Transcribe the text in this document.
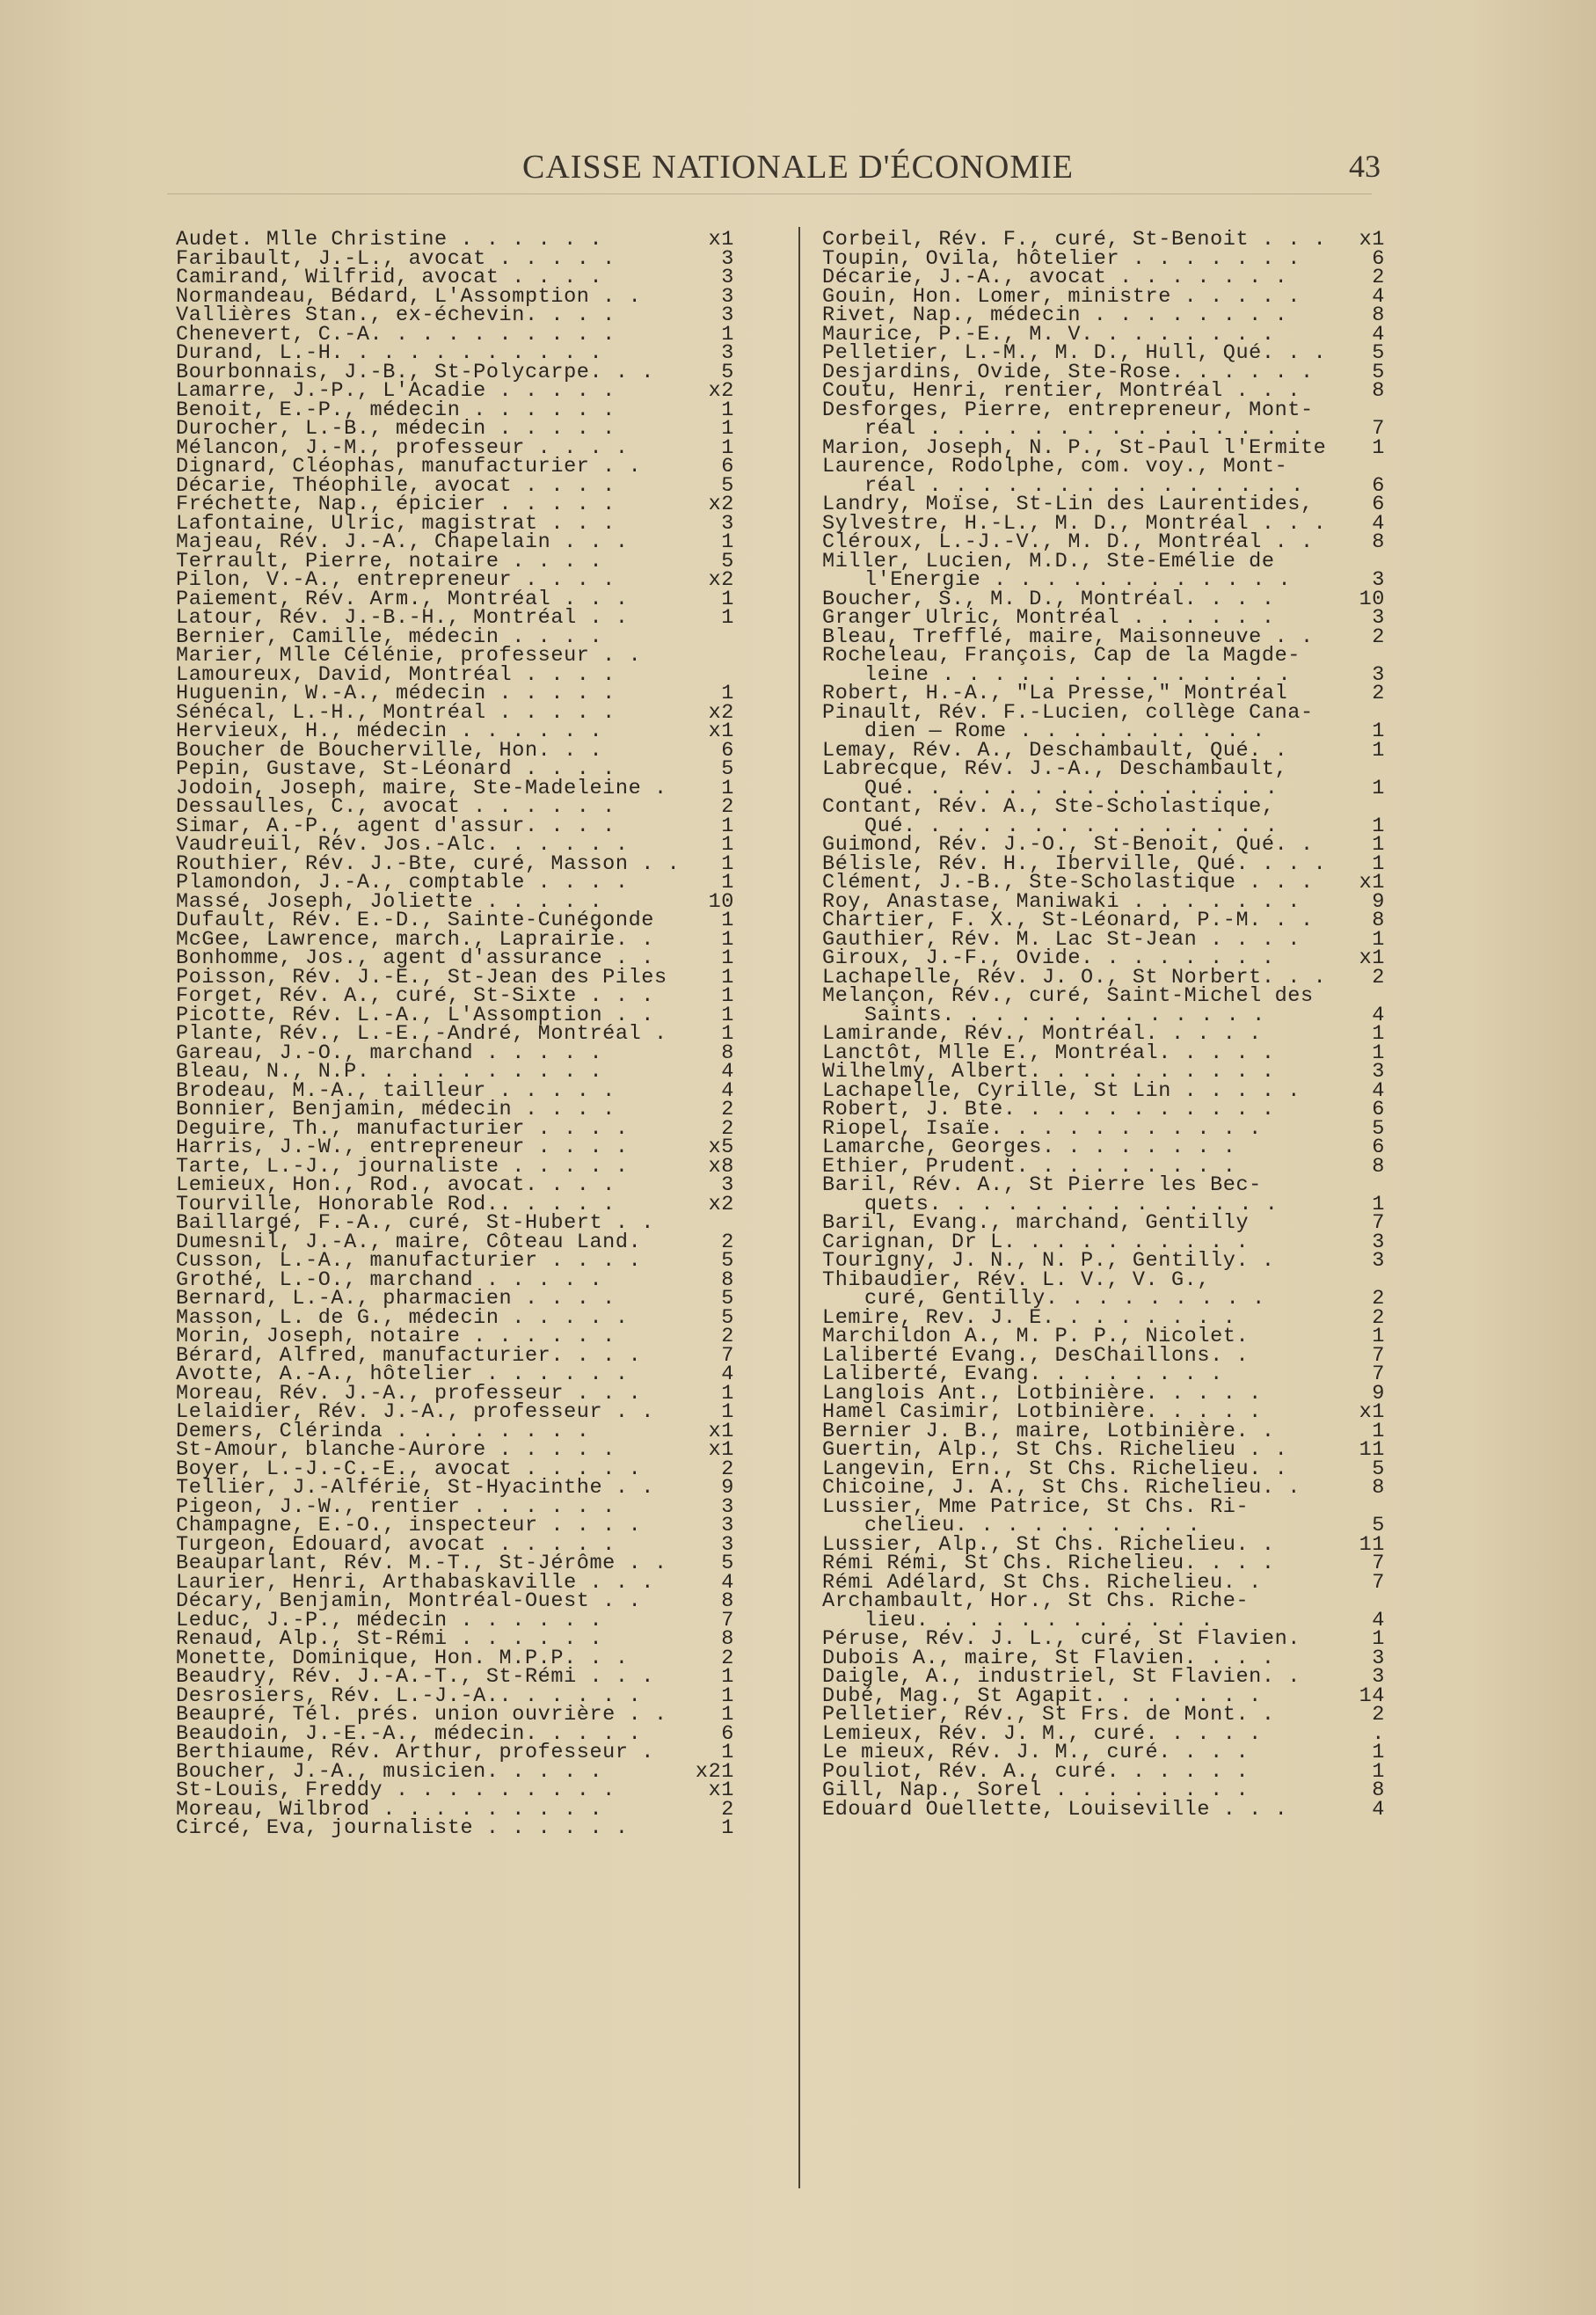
CAISSE NATIONALE D'ÉCONOMIE	43
Audet. Mlle Christine . . . . . .	x1
Faribault, J.-L., avocat . . . . .	3
Camirand, Wilfrid, avocat . . . .	3
Normandeau, Bédard, L'Assomption . .	3
Vallières Stan., ex-échevin. . . .	3
Chenevert, C.-A. . . . . . . . . .	1
Durand, L.-H. . . . . . . . . . .	3
Bourbonnais, J.-B., St-Polycarpe. . .	5
Lamarre, J.-P., L'Acadie . . . . .	x2
Benoit, E.-P., médecin . . . . . .	1
Durocher, L.-B., médecin . . . . .	1
Mélancon, J.-M., professeur . . . .	1
Dignard, Cléophas, manufacturier . .	6
Décarie, Théophile, avocat . . . .	5
Fréchette, Nap., épicier . . . . .	x2
Lafontaine, Ulric, magistrat . . .	3
Majeau, Rév. J.-A., Chapelain . . .	1
Terrault, Pierre, notaire . . . .	5
Pilon, V.-A., entrepreneur . . . .	x2
Paiement, Rév. Arm., Montréal . . .	1
Latour, Rév. J.-B.-H., Montréal . .	1
Bernier, Camille, médecin . . . .
Marier, Mlle Célénie, professeur . .
Lamoureux, David, Montréal . . . .
Huguenin, W.-A., médecin . . . . .	1
Sénécal, L.-H., Montréal . . . . .	x2
Hervieux, H., médecin . . . . . .	x1
Boucher de Boucherville, Hon. . .	6
Pepin, Gustave, St-Léonard . . . .	5
Jodoin, Joseph, maire, Ste-Madeleine .	1
Dessaulles, C., avocat . . . . . .	2
Simar, A.-P., agent d'assur. . . .	1
Vaudreuil, Rév. Jos.-Alc. . . . . .	1
Routhier, Rév. J.-Bte, curé, Masson . .	1
Plamondon, J.-A., comptable . . . .	1
Massé, Joseph, Joliette . . . . .	10
Dufault, Rév. E.-D., Sainte-Cunégonde	1
McGee, Lawrence, march., Laprairie. .	1
Bonhomme, Jos., agent d'assurance . .	1
Poisson, Rév. J.-E., St-Jean des Piles	1
Forget, Rév. A., curé, St-Sixte . . .	1
Picotte, Rév. L.-A., L'Assomption . .	1
Plante, Rév., L.-E.,-André, Montréal .	1
Gareau, J.-O., marchand . . . . .	8
Bleau, N., N.P. . . . . . . . . .	4
Brodeau, M.-A., tailleur . . . . .	4
Bonnier, Benjamin, médecin . . . .	2
Deguire, Th., manufacturier . . . .	2
Harris, J.-W., entrepreneur . . . .	x5
Tarte, L.-J., journaliste . . . . .	x8
Lemieux, Hon., Rod., avocat. . . .	3
Tourville, Honorable Rod.. . . . .	x2
Baillargé, F.-A., curé, St-Hubert . .
Dumesnil, J.-A., maire, Côteau Land.	2
Cusson, L.-A., manufacturier . . . .	5
Grothé, L.-O., marchand . . . . .	8
Bernard, L.-A., pharmacien . . . .	5
Masson, L. de G., médecin . . . . .	5
Morin, Joseph, notaire . . . . . .	2
Bérard, Alfred, manufacturier. . . .	7
Avotte, A.-A., hôtelier . . . . . .	4
Moreau, Rév. J.-A., professeur . . .	1
Lelaidier, Rév. J.-A., professeur . .	1
Demers, Clérinda . . . . . . . .	x1
St-Amour, blanche-Aurore . . . . .	x1
Boyer, L.-J.-C.-E., avocat . . . . .	2
Tellier, J.-Alférie, St-Hyacinthe . .	9
Pigeon, J.-W., rentier . . . . . .	3
Champagne, E.-O., inspecteur . . . .	3
Turgeon, Edouard, avocat . . . . .	3
Beauparlant, Rév. M.-T., St-Jérôme . .	5
Laurier, Henri, Arthabaskaville . . .	4
Décary, Benjamin, Montréal-Ouest . .	8
Leduc, J.-P., médecin . . . . . .	7
Renaud, Alp., St-Rémi . . . . . .	8
Monette, Dominique, Hon. M.P.P. . .	2
Beaudry, Rév. J.-A.-T., St-Rémi . . .	1
Desrosiers, Rév. L.-J.-A.. . . . . .	1
Beaupré, Tél. prés. union ouvrière . .	1
Beaudoin, J.-E.-A., médecin. . . . .	6
Berthiaume, Rév. Arthur, professeur .	1
Boucher, J.-A., musicien. . . . .	x21
St-Louis, Freddy . . . . . . . . .	x1
Moreau, Wilbrod . . . . . . . . .	2
Circé, Eva, journaliste . . . . . .	1
Corbeil, Rév. F., curé, St-Benoit . . .	x1
Toupin, Ovila, hôtelier . . . . . . .	6
Décarie, J.-A., avocat . . . . . . .	2
Gouin, Hon. Lomer, ministre . . . . .	4
Rivet, Nap., médecin . . . . . . . .	8
Maurice, P.-E., M. V. . . . . . . .	4
Pelletier, L.-M., M. D., Hull, Qué. . .	5
Desjardins, Ovide, Ste-Rose. . . . . .	5
Coutu, Henri, rentier, Montréal . . .	8
Desforges, Pierre, entrepreneur, Mont-
réal . . . . . . . . . . . . . . .	7
Marion, Joseph, N. P., St-Paul l'Ermite	1
Laurence, Rodolphe, com. voy., Mont-
réal . . . . . . . . . . . . . . .	6
Landry, Moïse, St-Lin des Laurentides,	6
Sylvestre, H.-L., M. D., Montréal . . .	4
Cléroux, L.-J.-V., M. D., Montréal . .	8
Miller, Lucien, M.D., Ste-Emélie de
l'Energie . . . . . . . . . . . .	3
Boucher, S., M. D., Montréal. . . .	10
Granger Ulric, Montréal . . . . . .	3
Bleau, Trefflé, maire, Maisonneuve . .	2
Rocheleau, François, Cap de la Magde-
leine . . . . . . . . . . . . . .	3
Robert, H.-A., "La Presse," Montréal	2
Pinault, Rév. F.-Lucien, collège Cana-
dien — Rome . . . . . . . . . .	1
Lemay, Rév. A., Deschambault, Qué. .	1
Labrecque, Rév. J.-A., Deschambault,
Qué. . . . . . . . . . . . . . .	1
Contant, Rév. A., Ste-Scholastique,
Qué. . . . . . . . . . . . . . .	1
Guimond, Rév. J.-O., St-Benoit, Qué. .	1
Bélisle, Rév. H., Iberville, Qué. . . .	1
Clément, J.-B., Ste-Scholastique . . .	x1
Roy, Anastase, Maniwaki . . . . . . .	9
Chartier, F. X., St-Léonard, P.-M. . .	8
Gauthier, Rév. M. Lac St-Jean . . . .	1
Giroux, J.-F., Ovide. . . . . . . .	x1
Lachapelle, Rév. J. O., St Norbert. . .	2
Melançon, Rév., curé, Saint-Michel des
Saints. . . . . . . . . . . . .	4
Lamirande, Rév., Montréal. . . . .	1
Lanctôt, Mlle E., Montréal. . . . .	1
Wilhelmy, Albert. . . . . . . . . .	3
Lachapelle, Cyrille, St Lin . . . . .	4
Robert, J. Bte. . . . . . . . . . .	6
Riopel, Isaïe. . . . . . . . . . .	5
Lamarche, Georges. . . . . . . .	6
Ethier, Prudent. . . . . . . . .	8
Baril, Rév. A., St Pierre les Bec-
quets. . . . . . . . . . . . . .	1
Baril, Evang., marchand, Gentilly	7
Carignan, Dr L. . . . . . . . . .	3
Tourigny, J. N., N. P., Gentilly. .	3
Thibaudier, Rév. L. V., V. G.,
curé, Gentilly. . . . . . . . .	2
Lemire, Rev. J. E. . . . . . . .	2
Marchildon A., M. P. P., Nicolet.	1
Laliberté Evang., DesChaillons. .	7
Laliberté, Evang. . . . . . . .	7
Langlois Ant., Lotbinière. . . . .	9
Hamel Casimir, Lotbinière. . . . .	x1
Bernier J. B., maire, Lotbinière. .	1
Guertin, Alp., St Chs. Richelieu . .	11
Langevin, Ern., St Chs. Richelieu. .	5
Chicoine, J. A., St Chs. Richelieu. .	8
Lussier, Mme Patrice, St Chs. Ri-
chelieu. . . . . . . . . .	5
Lussier, Alp., St Chs. Richelieu. .	11
Rémi Rémi, St Chs. Richelieu. . . .	7
Rémi Adélard, St Chs. Richelieu. .	7
Archambault, Hor., St Chs. Riche-
lieu. . . . . . . . . . . .	4
Péruse, Rév. J. L., curé, St Flavien.	1
Dubois A., maire, St Flavien. . . .	3
Daigle, A., industriel, St Flavien. .	3
Dubé, Mag., St Agapit. . . . . . .	14
Pelletier, Rév., St Frs. de Mont. .	2
Lemieux, Rév. J. M., curé. . . . .	.
Le mieux, Rév. J. M., curé. . . .	1
Pouliot, Rév. A., curé. . . . . .	1
Gill, Nap., Sorel . . . . . . . .	8
Edouard Ouellette, Louiseville . . .	4
